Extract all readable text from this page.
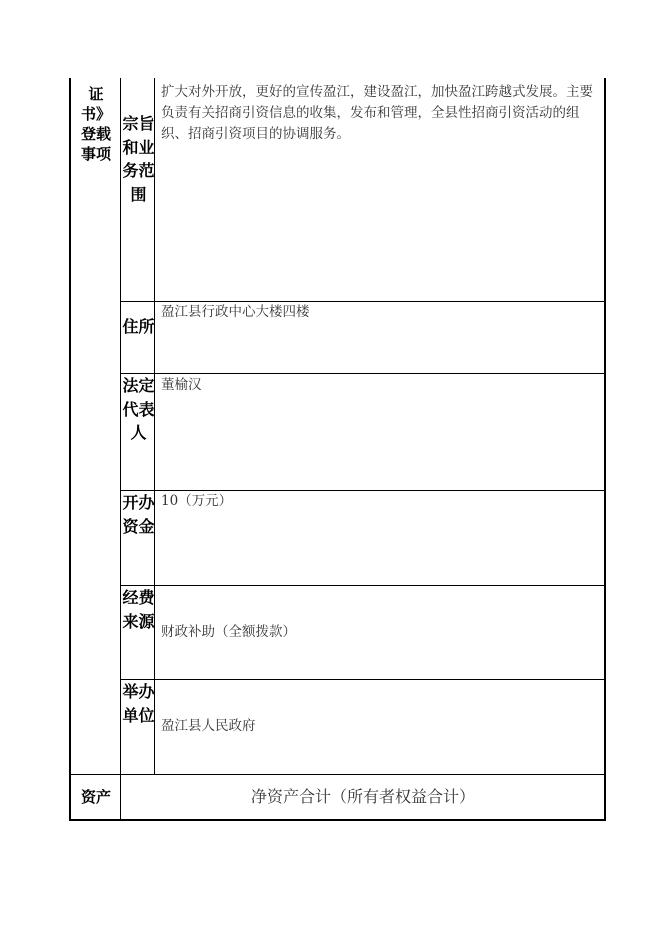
证书》登载事项
宗旨和业务范围
扩大对外开放，更好的宣传盈江，建设盈江，加快盈江跨越式发展。主要负责有关招商引资信息的收集，发布和管理，全县性招商引资活动的组织、招商引资项目的协调服务。
住所
盈江县行政中心大楼四楼
法定代表人
董榆汉
开办资金
10（万元）
经费来源
财政补助（全额拨款）
举办单位
盈江县人民政府
资产	净资产合计（所有者权益合计）
